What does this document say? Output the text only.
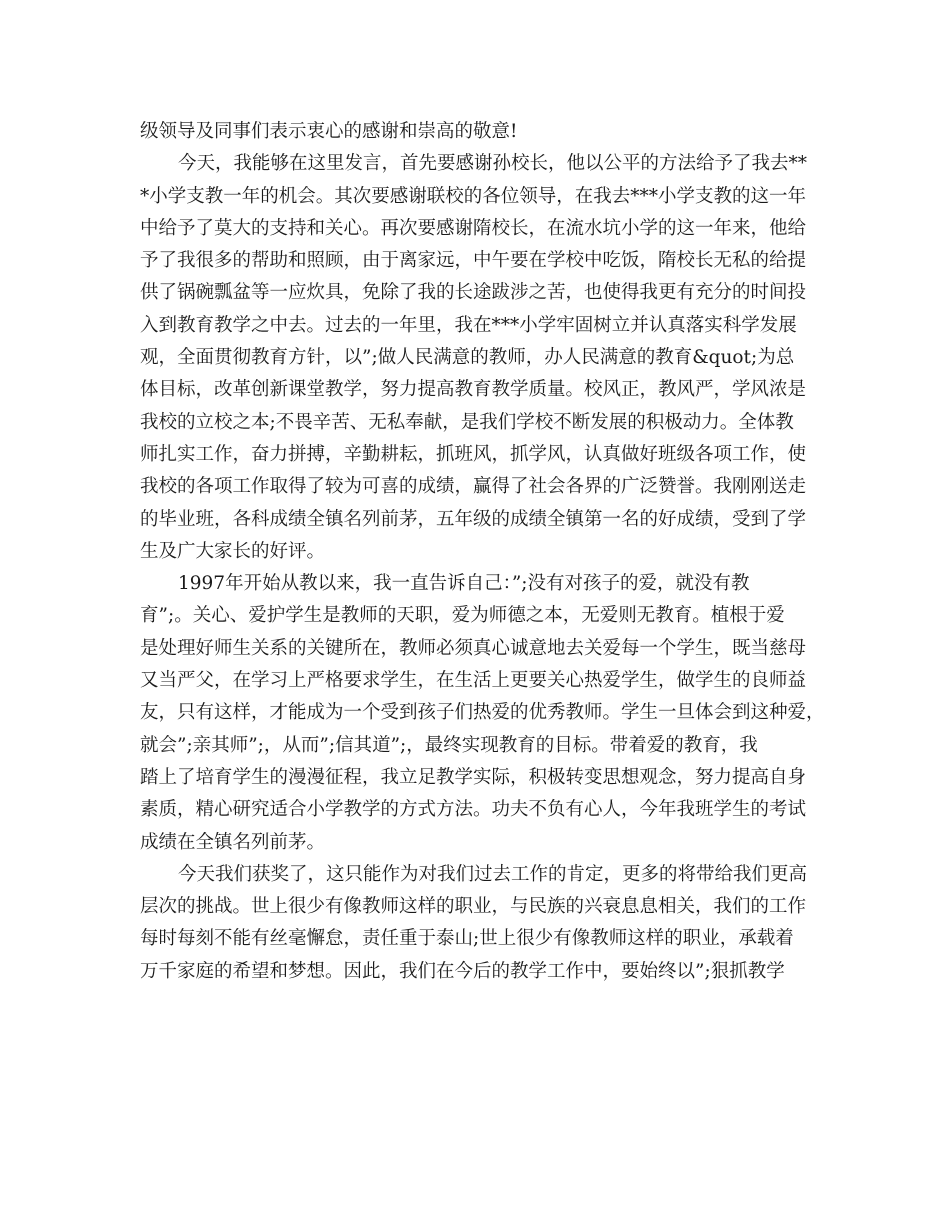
级领导及同事们表示衷心的感谢和崇高的敬意!
今天，我能够在这里发言，首先要感谢孙校长，他以公平的方法给予了我去**
*小学支教一年的机会。其次要感谢联校的各位领导，在我去***小学支教的这一年
中给予了莫大的支持和关心。再次要感谢隋校长，在流水坑小学的这一年来，他给
予了我很多的帮助和照顾，由于离家远，中午要在学校中吃饭，隋校长无私的给提
供了锅碗瓢盆等一应炊具，免除了我的长途跋涉之苦，也使得我更有充分的时间投
入到教育教学之中去。过去的一年里，我在***小学牢固树立并认真落实科学发展
观，全面贯彻教育方针，以”;做人民满意的教师，办人民满意的教育&quot;为总
体目标，改革创新课堂教学，努力提高教育教学质量。校风正，教风严，学风浓是
我校的立校之本;不畏辛苦、无私奉献，是我们学校不断发展的积极动力。全体教
师扎实工作，奋力拼搏，辛勤耕耘，抓班风，抓学风，认真做好班级各项工作，使
我校的各项工作取得了较为可喜的成绩，赢得了社会各界的广泛赞誉。我刚刚送走
的毕业班，各科成绩全镇名列前茅，五年级的成绩全镇第一名的好成绩，受到了学
生及广大家长的好评。
1997年开始从教以来，我一直告诉自己：”;没有对孩子的爱，就没有教
育”;。关心、爱护学生是教师的天职，爱为师德之本，无爱则无教育。植根于爱
是处理好师生关系的关键所在，教师必须真心诚意地去关爱每一个学生，既当慈母
又当严父，在学习上严格要求学生，在生活上更要关心热爱学生，做学生的良师益
友，只有这样，才能成为一个受到孩子们热爱的优秀教师。学生一旦体会到这种爱，
就会”;亲其师”;，从而”;信其道”;，最终实现教育的目标。带着爱的教育，我
踏上了培育学生的漫漫征程，我立足教学实际，积极转变思想观念，努力提高自身
素质，精心研究适合小学教学的方式方法。功夫不负有心人，今年我班学生的考试
成绩在全镇名列前茅。
今天我们获奖了，这只能作为对我们过去工作的肯定，更多的将带给我们更高
层次的挑战。世上很少有像教师这样的职业，与民族的兴衰息息相关，我们的工作
每时每刻不能有丝毫懈怠，责任重于泰山;世上很少有像教师这样的职业，承载着
万千家庭的希望和梦想。因此，我们在今后的教学工作中，要始终以”;狠抓教学
